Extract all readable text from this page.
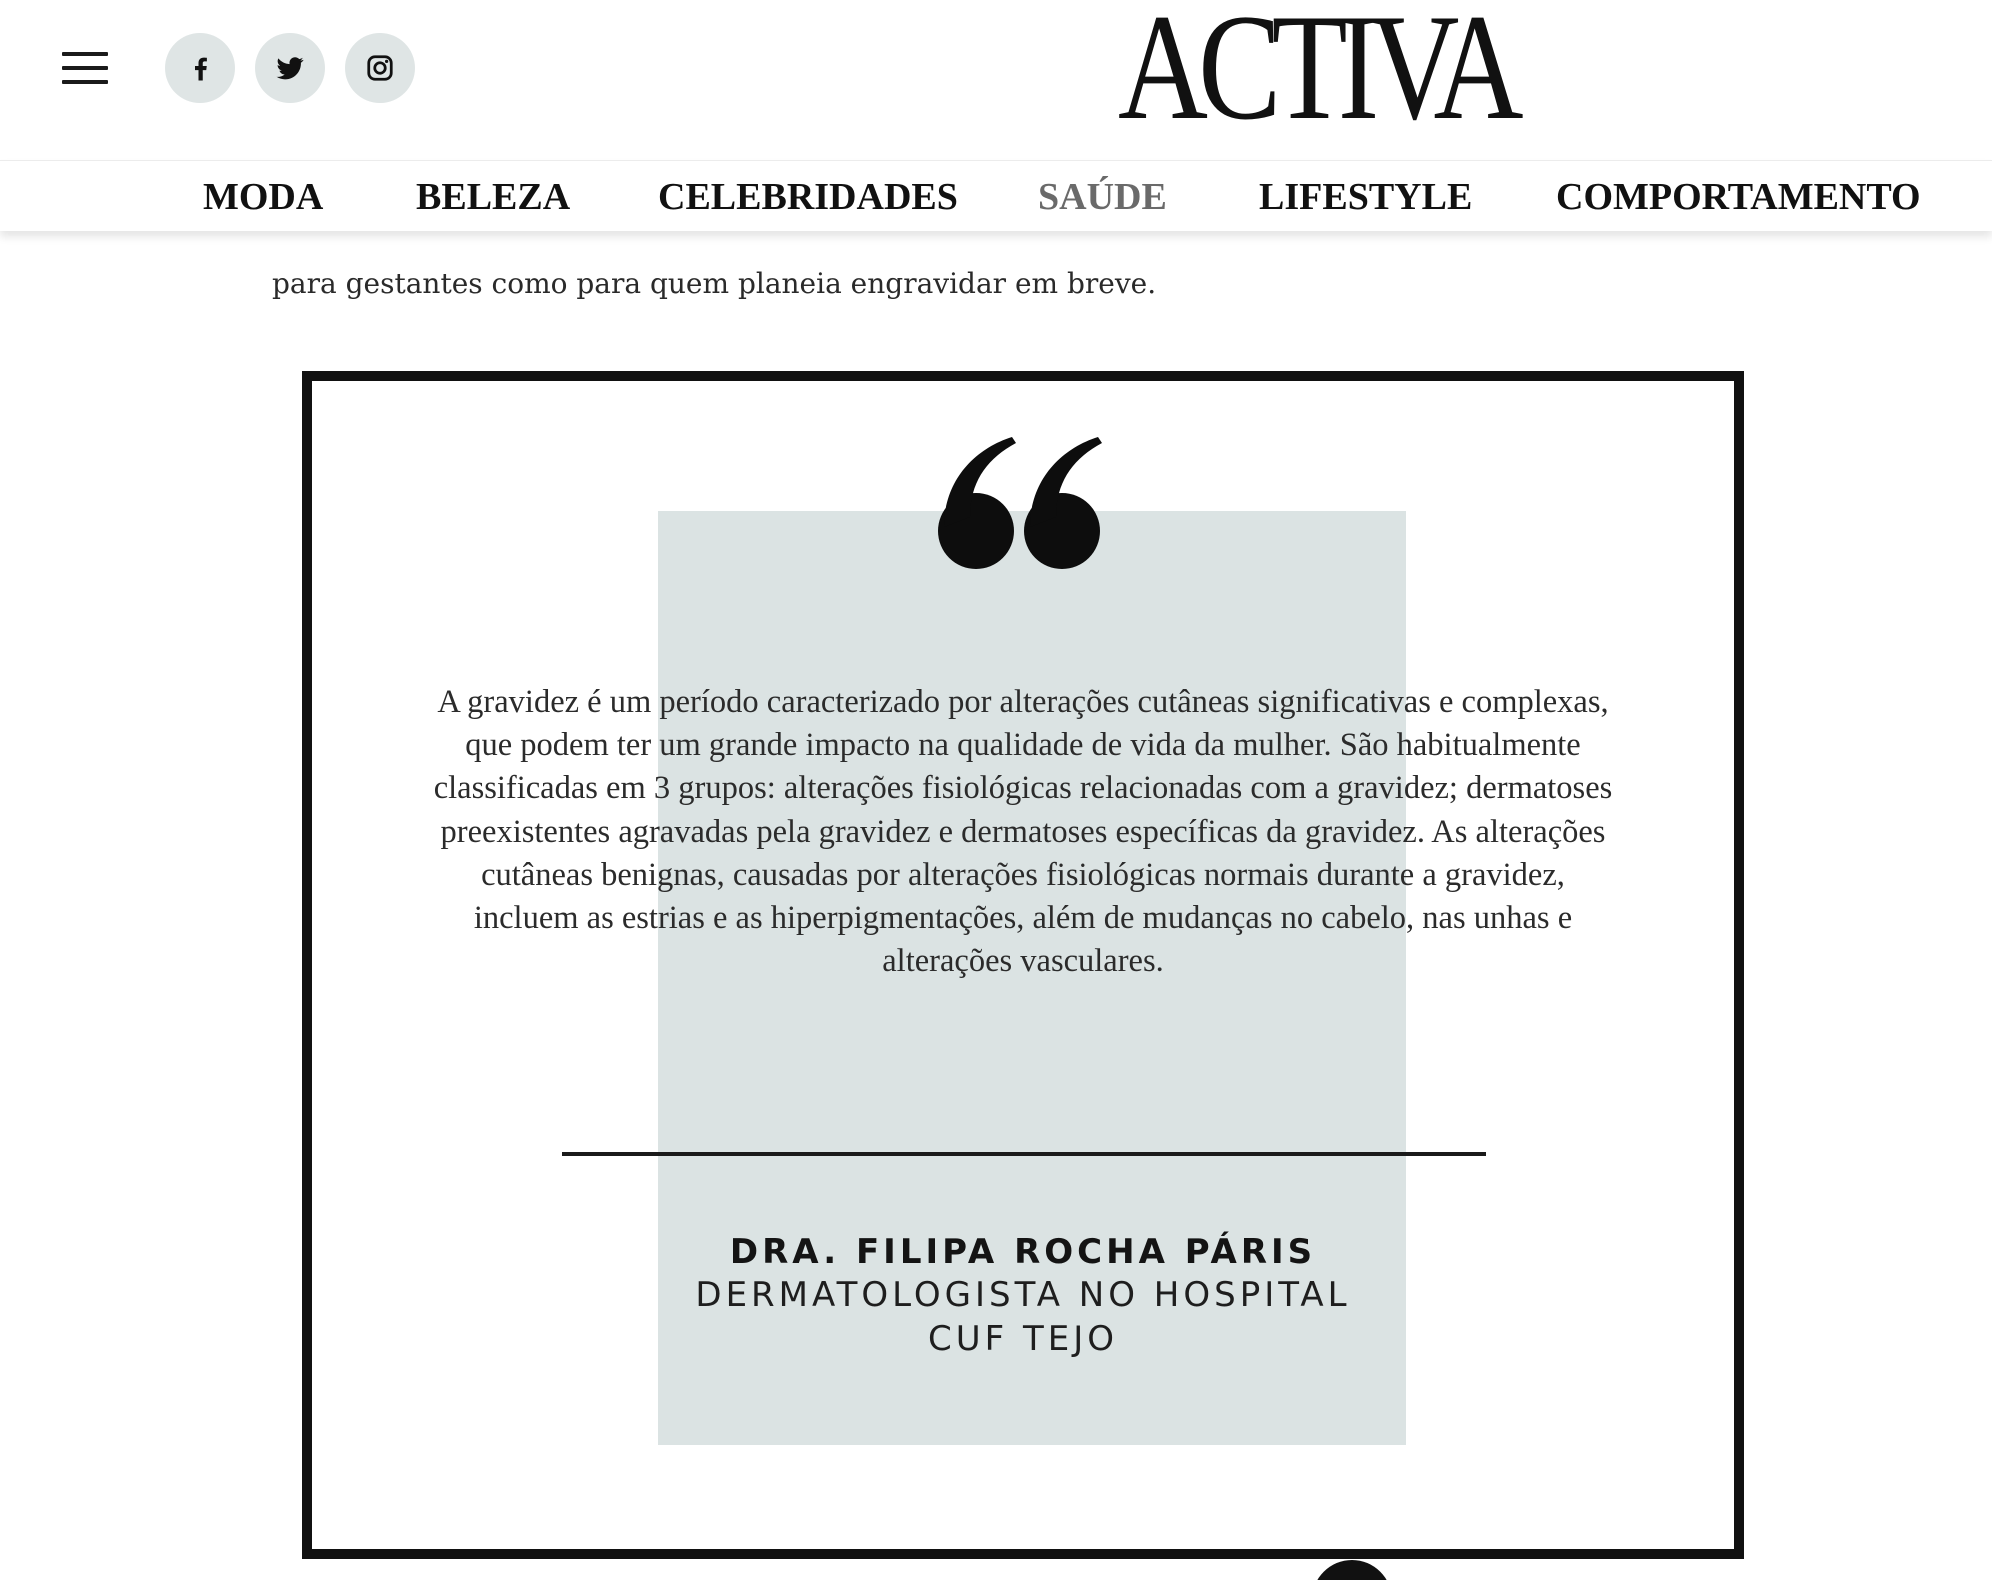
ACTIVA
MODA BELEZA CELEBRIDADES SAÚDE LIFESTYLE COMPORTAMENTO

para gestantes como para quem planeia engravidar em breve.

A gravidez é um período caracterizado por alterações cutâneas significativas e complexas, que podem ter um grande impacto na qualidade de vida da mulher. São habitualmente classificadas em 3 grupos: alterações fisiológicas relacionadas com a gravidez; dermatoses preexistentes agravadas pela gravidez e dermatoses específicas da gravidez. As alterações cutâneas benignas, causadas por alterações fisiológicas normais durante a gravidez, incluem as estrias e as hiperpigmentações, além de mudanças no cabelo, nas unhas e alterações vasculares.
DRA. FILIPA ROCHA PÁRIS
DERMATOLOGISTA NO HOSPITAL
CUF TEJO
